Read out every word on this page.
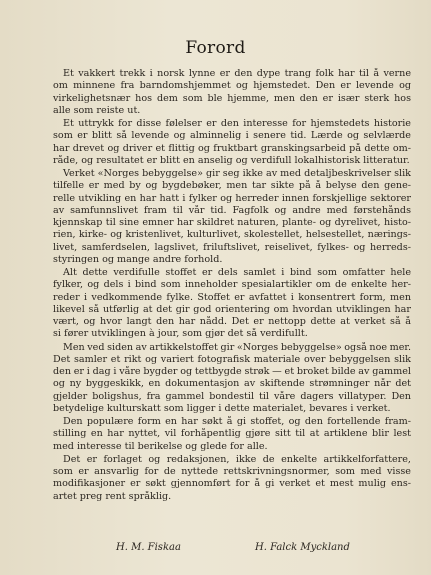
Forord
Et vakkert trekk i norsk lynne er den dype trang folk har til å verne
om minnene fra barndomshjemmet og hjemstedet. Den er levende og
virkelighetsnær hos dem som ble hjemme, men den er især sterk hos
alle som reiste ut.
Et uttrykk for disse følelser er den interesse for hjemstedets historie
som er blitt så levende og alminnelig i senere tid. Lærde og selvlærde
har drevet og driver et flittig og fruktbart granskingsarbeid på dette om-
råde, og resultatet er blitt en anselig og verdifull lokalhistorisk litteratur.
Verket «Norges bebyggelse» gir seg ikke av med detaljbeskrivelser slik
tilfelle er med by og bygdebøker, men tar sikte på å belyse den gene-
relle utvikling en har hatt i fylker og herreder innen forskjellige sektorer
av samfunnslivet fram til vår tid. Fagfolk og andre med førstehånds
kjennskap til sine emner har skildret naturen, plante- og dyrelivet, histo-
rien, kirke- og kristenlivet, kulturlivet, skolestellet, helsestellet, nærings-
livet, samferdselen, lagslivet, friluftslivet, reiselivet, fylkes- og herreds-
styringen og mange andre forhold.
Alt dette verdifulle stoffet er dels samlet i bind som omfatter hele
fylker, og dels i bind som inneholder spesialartikler om de enkelte her-
reder i vedkommende fylke. Stoffet er avfattet i konsentrert form, men
likevel så utførlig at det gir god orientering om hvordan utviklingen har
vært, og hvor langt den har nådd. Det er nettopp dette at verket så å
si fører utviklingen à jour, som gjør det så verdifullt.
Men ved siden av artikkelstoffet gir «Norges bebyggelse» også noe mer.
Det samler et rikt og variert fotografisk materiale over bebyggelsen slik
den er i dag i våre bygder og tettbygde strøk — et broket bilde av gammel
og ny byggeskikk, en dokumentasjon av skiftende strømninger når det
gjelder boligshus, fra gammel bondestil til våre dagers villatyper. Den
betydelige kulturskatt som ligger i dette materialet, bevares i verket.
Den populære form en har søkt å gi stoffet, og den fortellende fram-
stilling en har nyttet, vil forhåpentlig gjøre sitt til at artiklene blir lest
med interesse til berikelse og glede for alle.
Det er forlaget og redaksjonen, ikke de enkelte artikkelforfattere,
som er ansvarlig for de nyttede rettskrivningsnormer, som med visse
modifikasjoner er søkt gjennomført for å gi verket et mest mulig ens-
artet preg rent språklig.
H. M. Fiskaa	H. Falck Myckland
